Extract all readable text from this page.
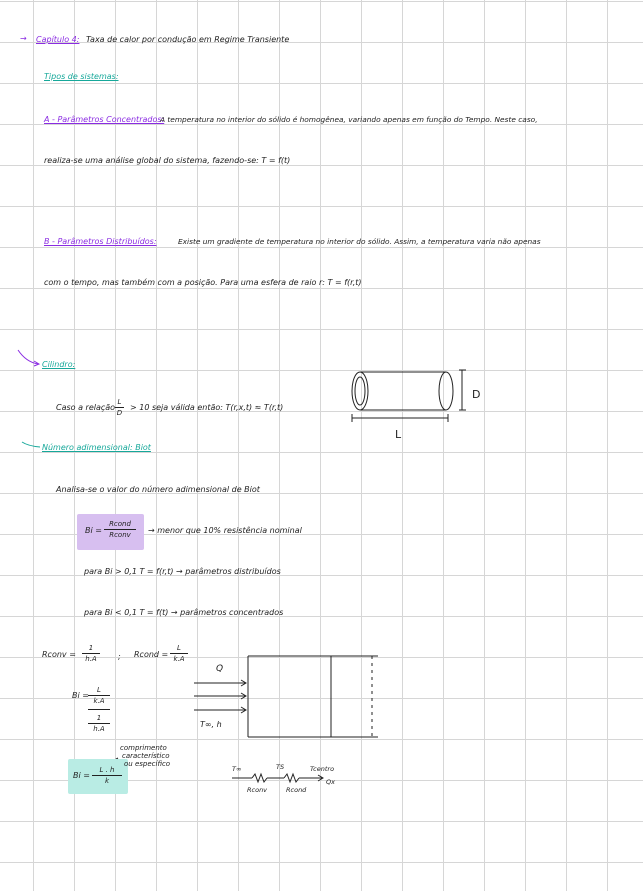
→ Capítulo 4: Taxa de calor por condução em Regime Transiente
Tipos de sistemas:
A - Parâmetros Concentrados:
A temperatura no interior do sólido é homogênea, variando apenas em função do Tempo. Neste caso,
realiza-se uma análise global do sistema, fazendo-se: T = f(t)
B - Parâmetros Distribuídos:	Existe um gradiente de temperatura no interior do sólido. Assim, a temperatura varia não apenas
com o tempo, mas também com a posição. Para uma esfera de raio r: T = f(r,t)
Cilindro:
Caso a relação
L
D
> 10 seja válida então: T(r,x,t) ≈ T(r,t)
D
L
Número adimensional: Biot
Analisa-se o valor do número adimensional de Biot
Bi =
Rcond
Rconv	→ menor que 10% resistência nominal
para Bi > 0,1 T = f(r,t) → parâmetros distribuídos
para Bi < 0,1 T = f(t) → parâmetros concentrados
Rconv =
1
h.A	; Rcond =
L
k.A
Bi =
L
k.A
1
h.A
Bi =
L . h
k
comprimento
característico
ou específico
Q
T∞, h
T∞	TS	Tcentro
Qx
Rconv	Rcond
